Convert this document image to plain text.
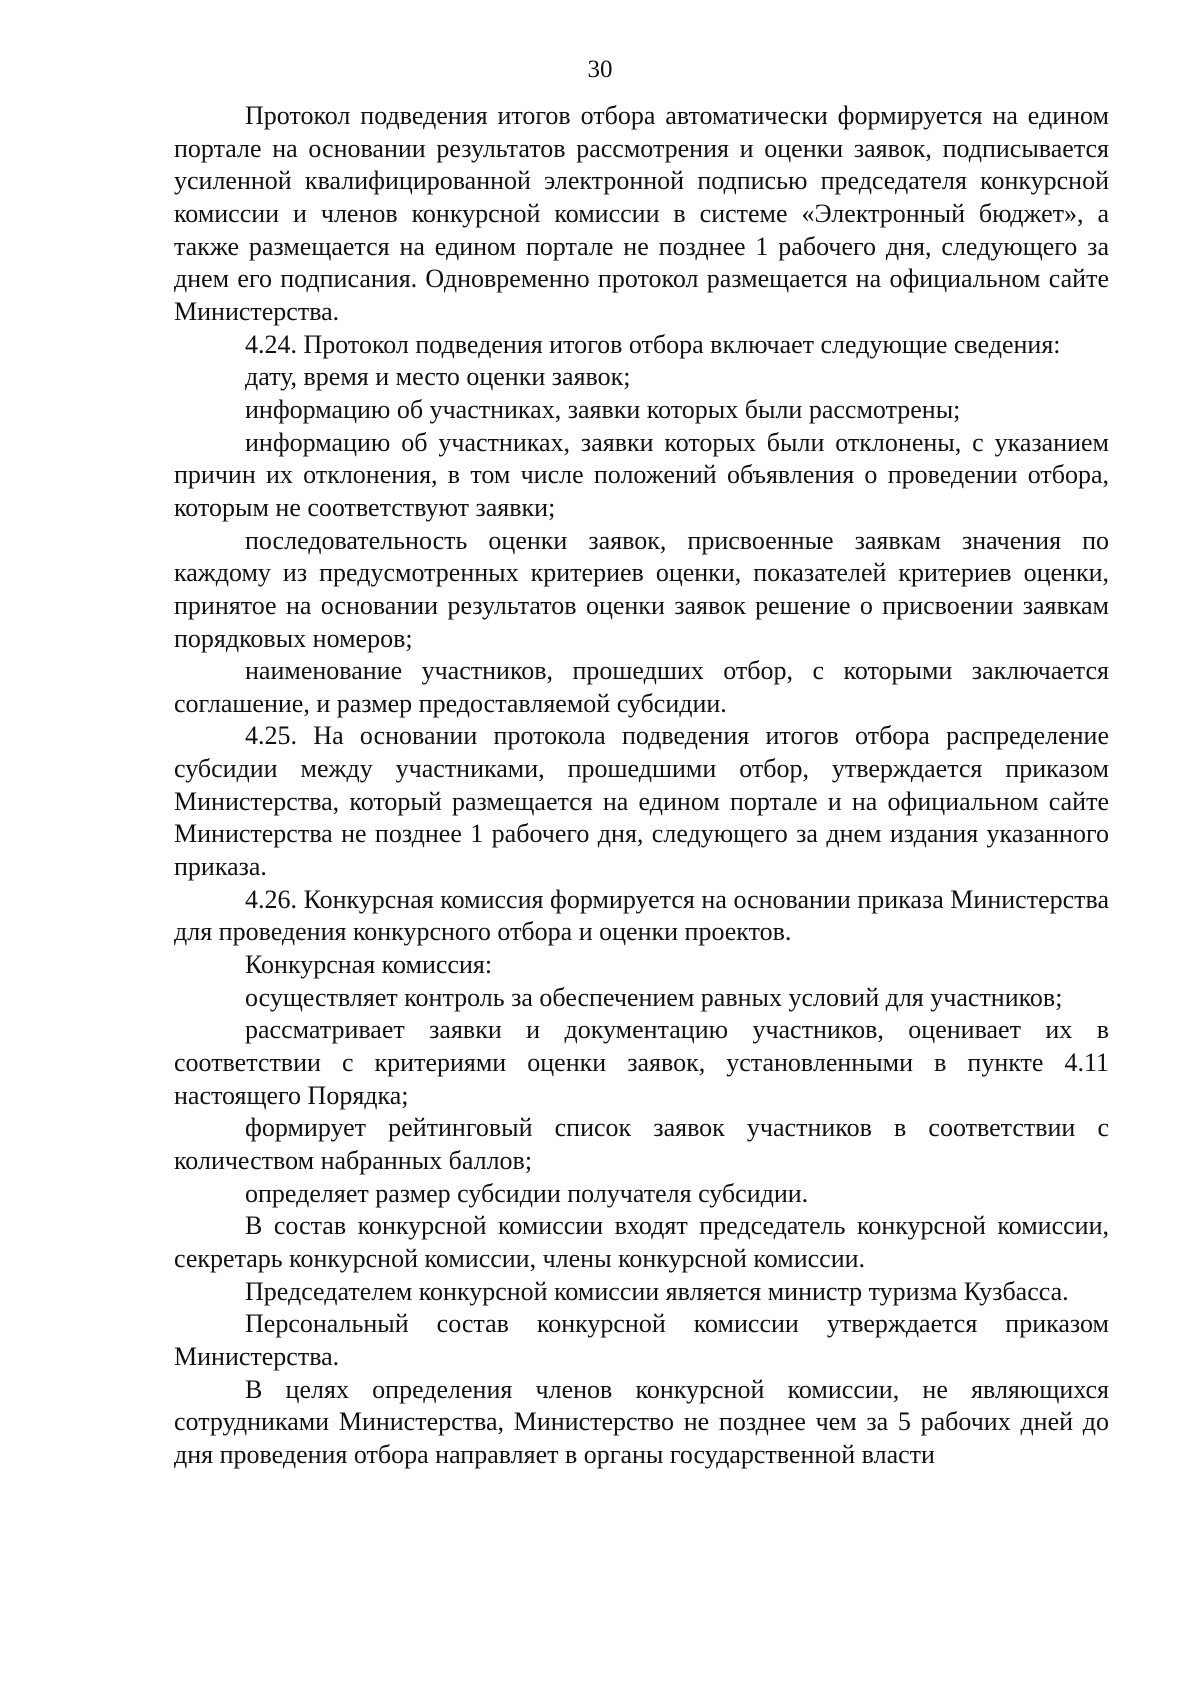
30

Протокол подведения итогов отбора автоматически формируется на едином портале на основании результатов рассмотрения и оценки заявок, подписывается усиленной квалифицированной электронной подписью председателя конкурсной комиссии и членов конкурсной комиссии в системе «Электронный бюджет», а также размещается на едином портале не позднее 1 рабочего дня, следующего за днем его подписания. Одновременно протокол размещается на официальном сайте Министерства.

4.24. Протокол подведения итогов отбора включает следующие сведения:

дату, время и место оценки заявок;

информацию об участниках, заявки которых были рассмотрены;

информацию об участниках, заявки которых были отклонены, с указанием причин их отклонения, в том числе положений объявления о проведении отбора, которым не соответствуют заявки;

последовательность оценки заявок, присвоенные заявкам значения по каждому из предусмотренных критериев оценки, показателей критериев оценки, принятое на основании результатов оценки заявок решение о присвоении заявкам порядковых номеров;

наименование участников, прошедших отбор, с которыми заключается соглашение, и размер предоставляемой субсидии.

4.25. На основании протокола подведения итогов отбора распределение субсидии между участниками, прошедшими отбор, утверждается приказом Министерства, который размещается на едином портале и на официальном сайте Министерства не позднее 1 рабочего дня, следующего за днем издания указанного приказа.

4.26. Конкурсная комиссия формируется на основании приказа Министерства для проведения конкурсного отбора и оценки проектов.

Конкурсная комиссия:

осуществляет контроль за обеспечением равных условий для участников;

рассматривает заявки и документацию участников, оценивает их в соответствии с критериями оценки заявок, установленными в пункте 4.11 настоящего Порядка;

формирует рейтинговый список заявок участников в соответствии с количеством набранных баллов;

определяет размер субсидии получателя субсидии.

В состав конкурсной комиссии входят председатель конкурсной комиссии, секретарь конкурсной комиссии, члены конкурсной комиссии.

Председателем конкурсной комиссии является министр туризма Кузбасса.

Персональный состав конкурсной комиссии утверждается приказом Министерства.

В целях определения членов конкурсной комиссии, не являющихся сотрудниками Министерства, Министерство не позднее чем за 5 рабочих дней до дня проведения отбора направляет в органы государственной власти
